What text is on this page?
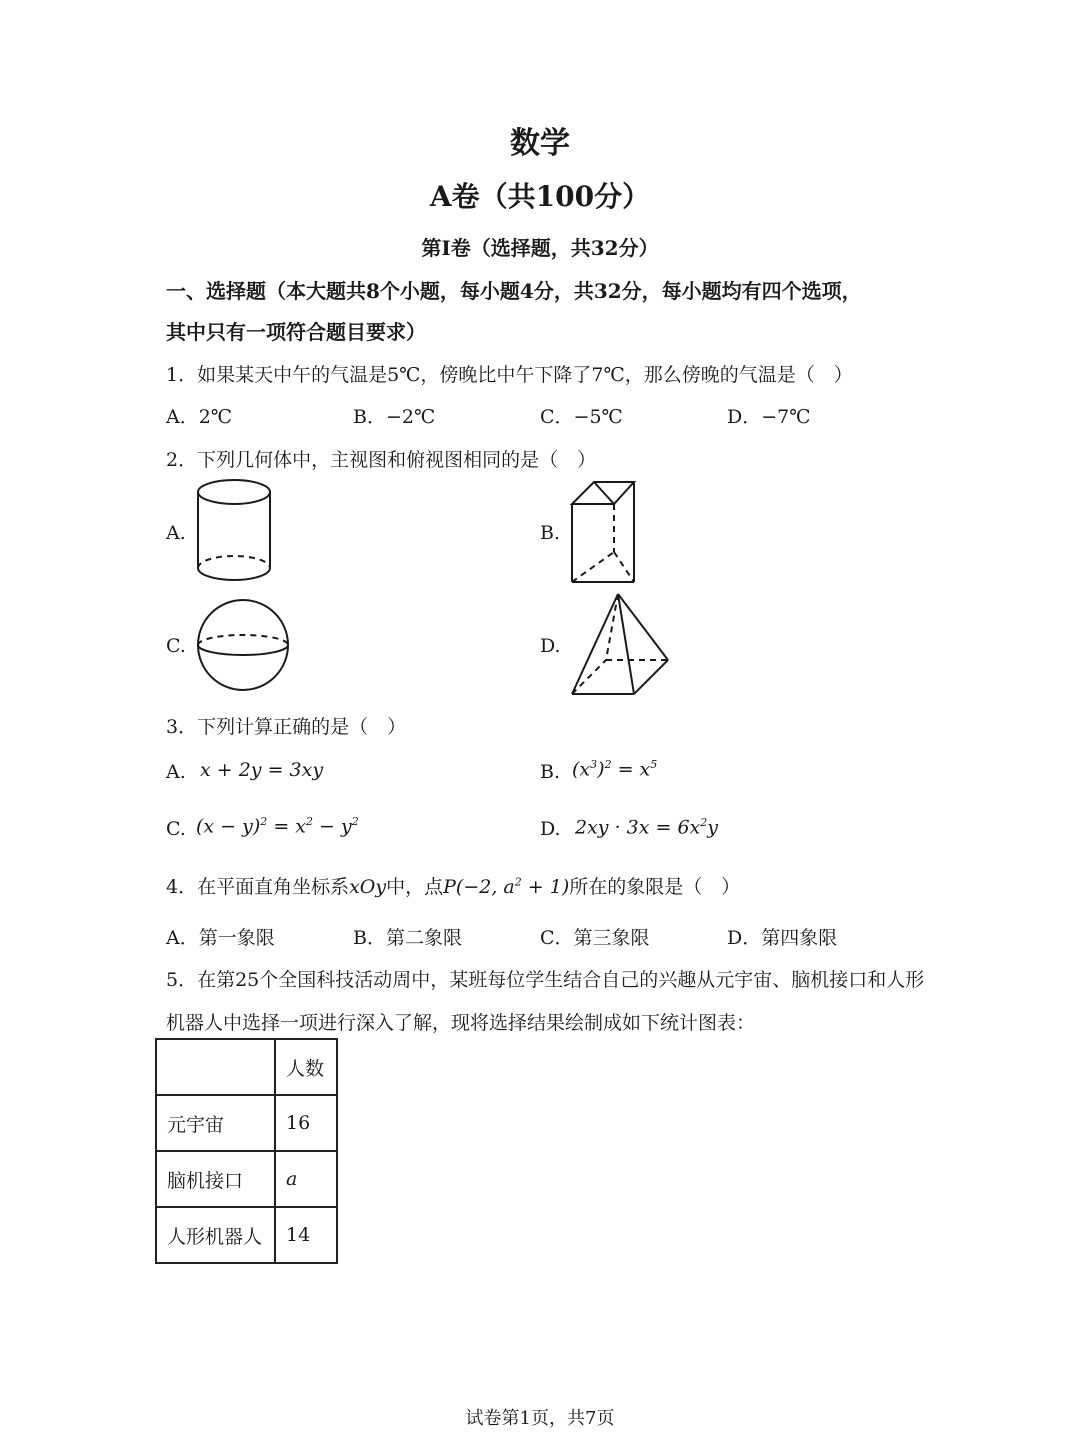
数学
A卷（共100分）
第Ⅰ卷（选择题，共32分）
一、选择题（本大题共8个小题，每小题4分，共32分，每小题均有四个选项，
其中只有一项符合题目要求）
1．如果某天中午的气温是5℃，傍晚比中午下降了7℃，那么傍晚的气温是（　）
A．2℃	B．−2℃	C．−5℃	D．−7℃
2．下列几何体中，主视图和俯视图相同的是（　）
A.	B.
C.	D.
3．下列计算正确的是（　）
A. x + 2y = 3xy	B. $(x^3)^2 = x^5$
C. $(x - y)^2 = x^2 - y^2$	D. $2xy \cdot 3x = 6x^2y$
4．在平面直角坐标系xOy中，点P(−2, $a^2 + 1$)所在的象限是（　）
A．第一象限	B．第二象限	C．第三象限	D．第四象限
5．在第25个全国科技活动周中，某班每位学生结合自己的兴趣从元宇宙、脑机接口和人形
机器人中选择一项进行深入了解，现将选择结果绘制成如下统计图表：
	人数
元宇宙	16
脑机接口	a
人形机器人	14
试卷第1页，共7页
